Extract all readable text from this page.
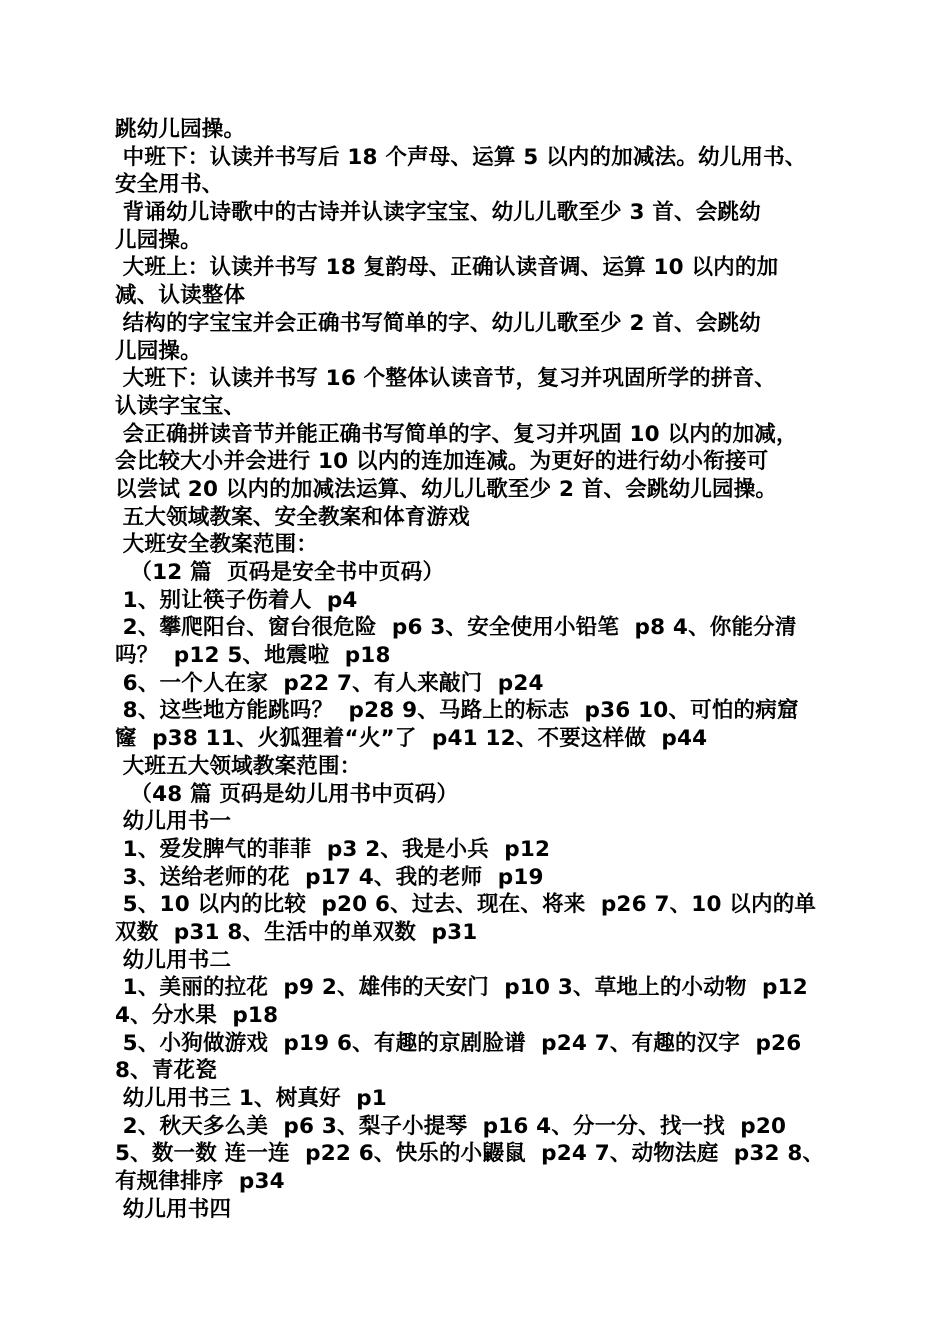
跳幼儿园操。
中班下：认读并书写后 18 个声母、运算 5 以内的加减法。幼儿用书、
安全用书、
背诵幼儿诗歌中的古诗并认读字宝宝、幼儿儿歌至少 3 首、会跳幼
儿园操。
大班上：认读并书写 18 复韵母、正确认读音调、运算 10 以内的加
减、认读整体
结构的字宝宝并会正确书写简单的字、幼儿儿歌至少 2 首、会跳幼
儿园操。
大班下：认读并书写 16 个整体认读音节，复习并巩固所学的拼音、
认读字宝宝、
会正确拼读音节并能正确书写简单的字、复习并巩固 10 以内的加减，
会比较大小并会进行 10 以内的连加连减。为更好的进行幼小衔接可
以尝试 20 以内的加减法运算、幼儿儿歌至少 2 首、会跳幼儿园操。
五大领域教案、安全教案和体育游戏
大班安全教案范围：
（12 篇  页码是安全书中页码）
1、别让筷子伤着人  p4
2、攀爬阳台、窗台很危险  p6 3、安全使用小铅笔  p8 4、你能分清
吗？  p12 5、地震啦  p18
6、一个人在家  p22 7、有人来敲门  p24
8、这些地方能跳吗？  p28 9、马路上的标志  p36 10、可怕的病窟
窿  p38 11、火狐狸着“火”了  p41 12、不要这样做  p44
大班五大领域教案范围：
（48 篇 页码是幼儿用书中页码）
幼儿用书一
1、爱发脾气的菲菲  p3 2、我是小兵  p12
3、送给老师的花  p17 4、我的老师  p19
5、10 以内的比较  p20 6、过去、现在、将来  p26 7、10 以内的单
双数  p31 8、生活中的单双数  p31
幼儿用书二
1、美丽的拉花  p9 2、雄伟的天安门  p10 3、草地上的小动物  p12
4、分水果  p18
5、小狗做游戏  p19 6、有趣的京剧脸谱  p24 7、有趣的汉字  p26
8、青花瓷
幼儿用书三 1、树真好  p1
2、秋天多么美  p6 3、梨子小提琴  p16 4、分一分、找一找  p20
5、数一数 连一连  p22 6、快乐的小鼹鼠  p24 7、动物法庭  p32 8、
有规律排序  p34
幼儿用书四
